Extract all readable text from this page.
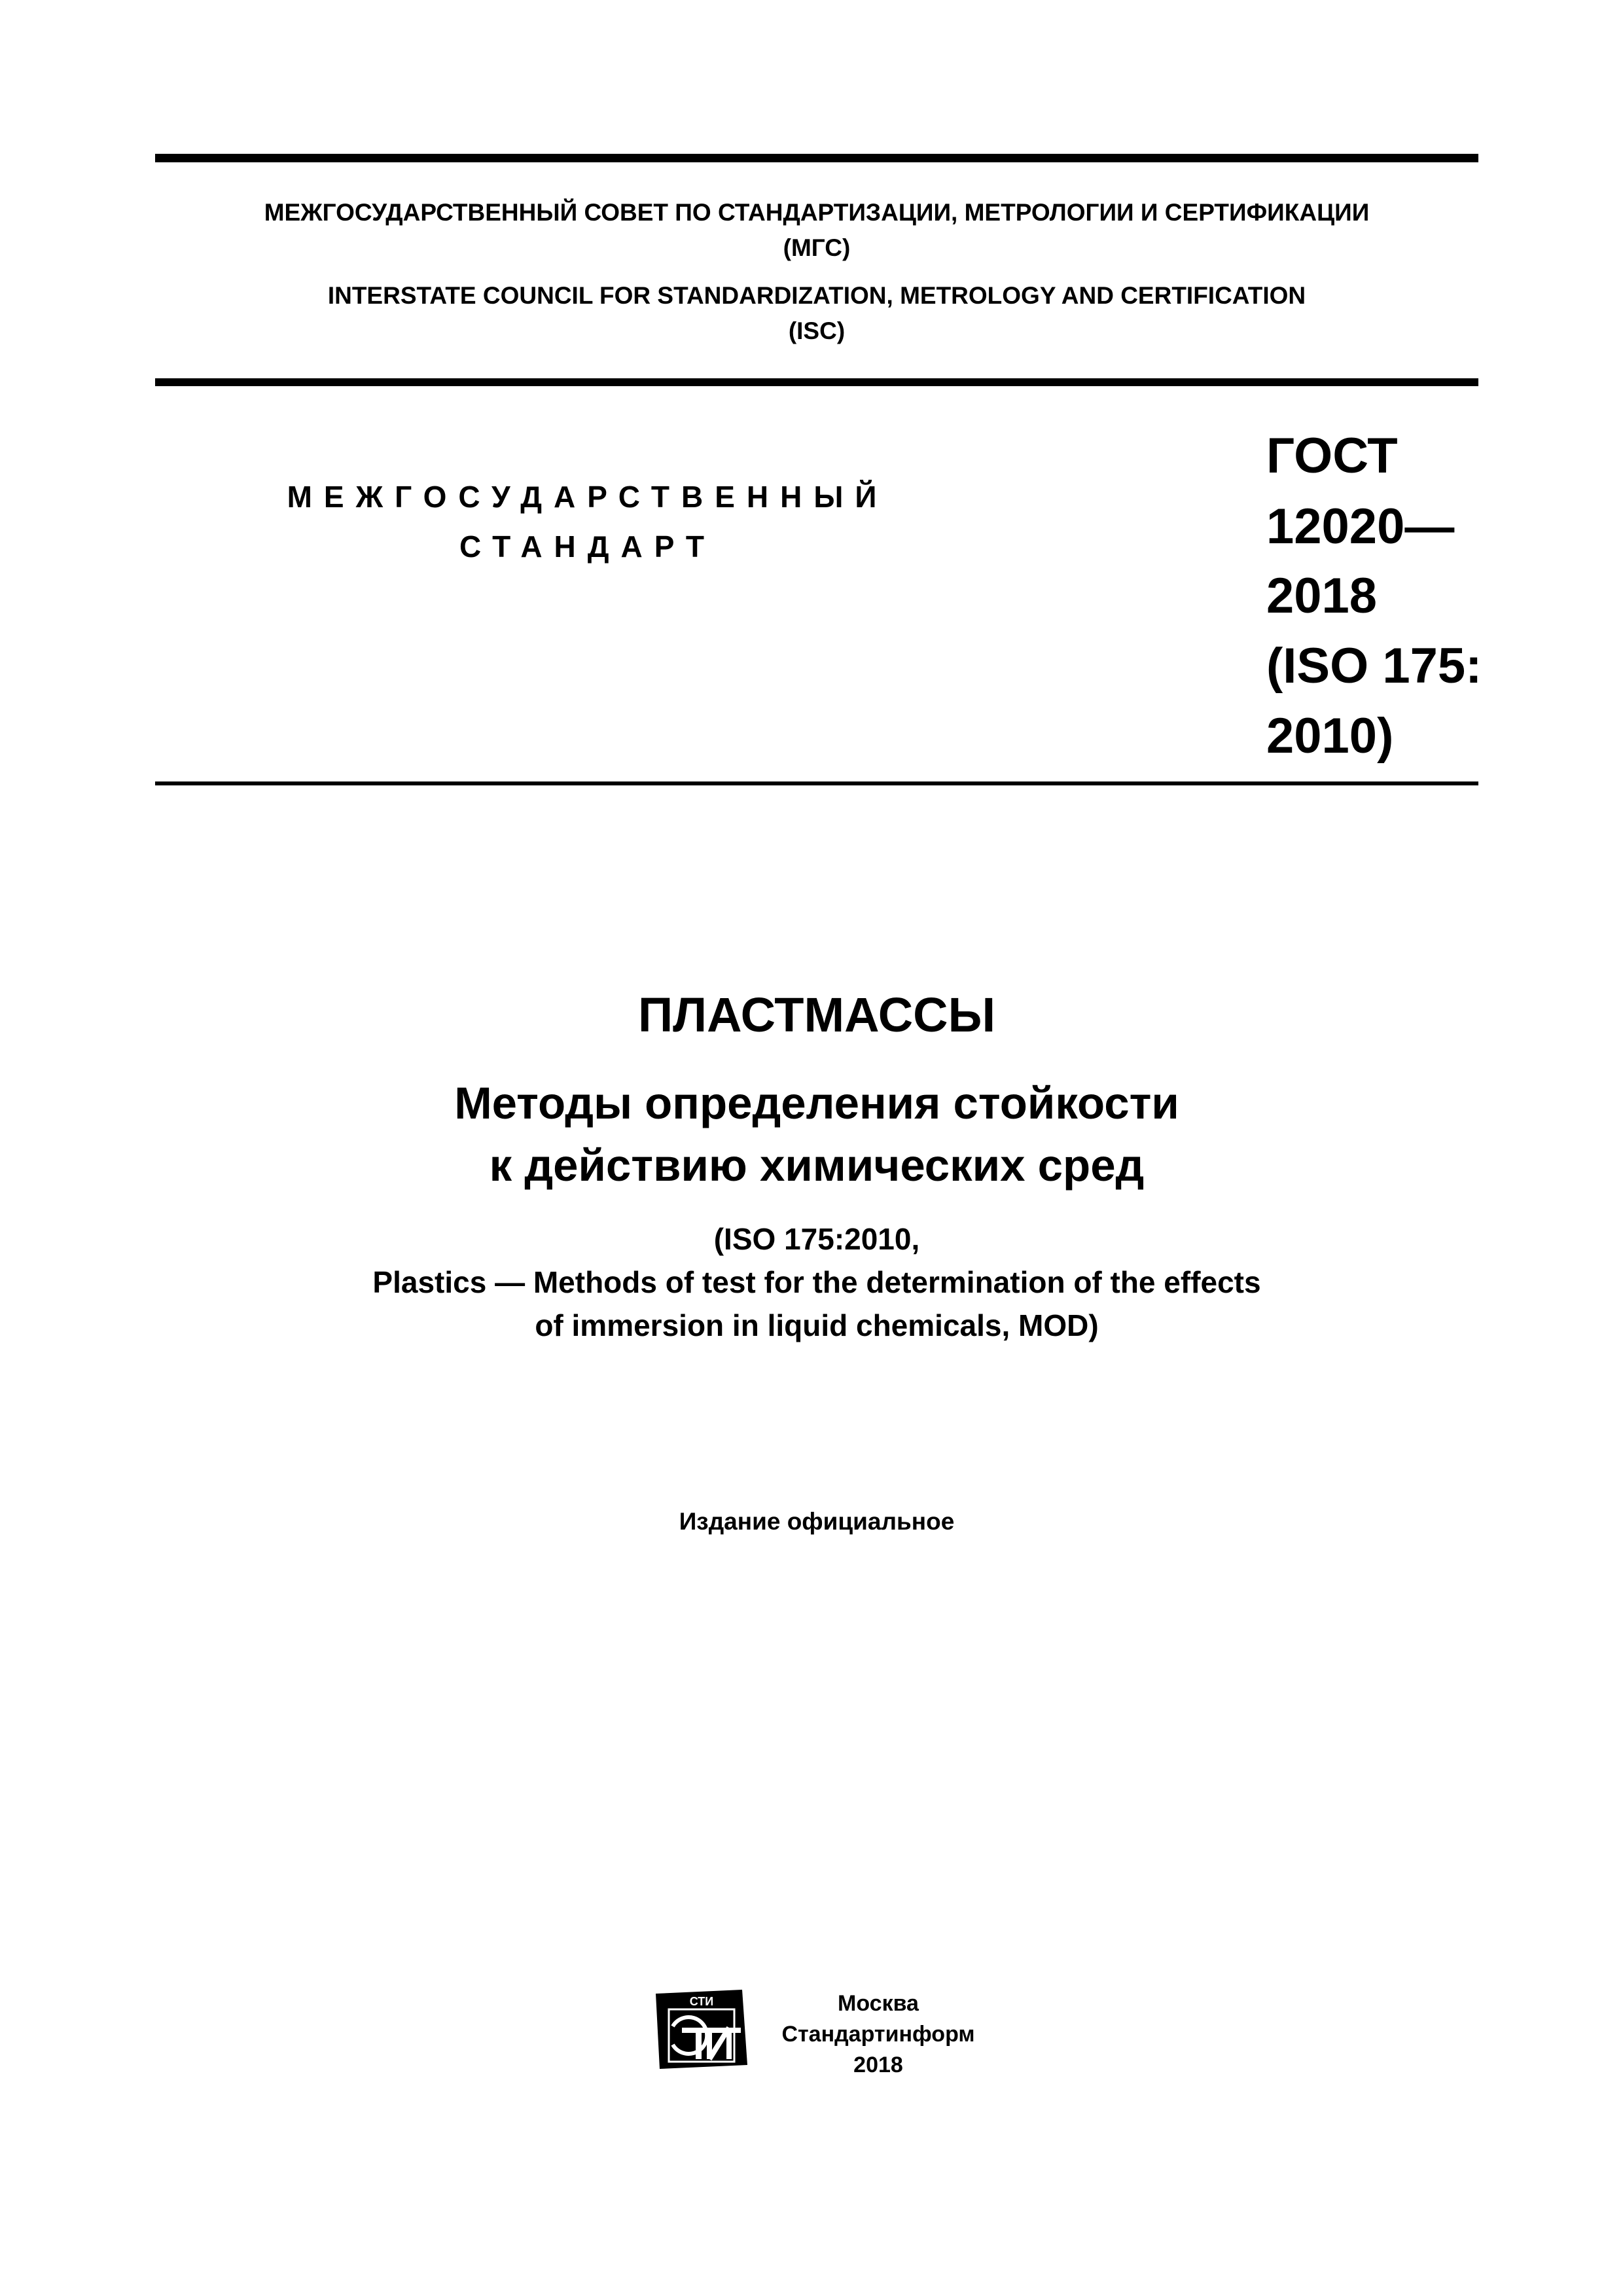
МЕЖГОСУДАРСТВЕННЫЙ СОВЕТ ПО СТАНДАРТИЗАЦИИ, МЕТРОЛОГИИ И СЕРТИФИКАЦИИ
(МГС)
INTERSTATE COUNCIL FOR STANDARDIZATION, METROLOGY AND CERTIFICATION
(ISC)
МЕЖГОСУДАРСТВЕННЫЙ
СТАНДАРТ
ГОСТ
12020—
2018
(ISO 175:
2010)
ПЛАСТМАССЫ
Методы определения стойкости
к действию химических сред
(ISO 175:2010,
Plastics — Methods of test for the determination of the effects
of immersion in liquid chemicals, MOD)
Издание официальное
СТИ	Москва
Стандартинформ
2018
